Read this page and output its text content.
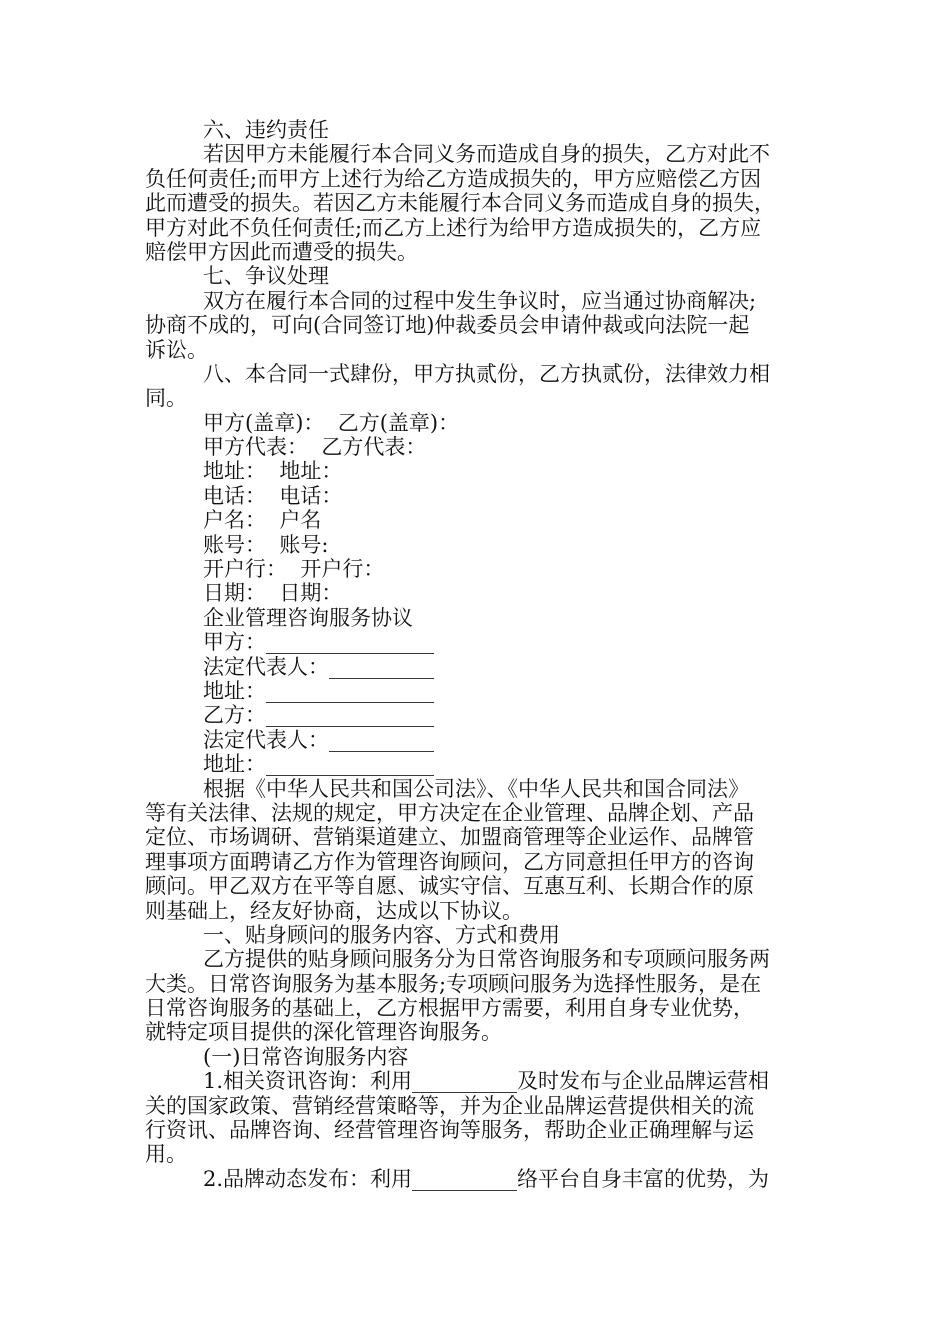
六、违约责任
若因甲方未能履行本合同义务而造成自身的损失，乙方对此不
负任何责任;而甲方上述行为给乙方造成损失的，甲方应赔偿乙方因
此而遭受的损失。若因乙方未能履行本合同义务而造成自身的损失，
甲方对此不负任何责任;而乙方上述行为给甲方造成损失的，乙方应
赔偿甲方因此而遭受的损失。
七、争议处理
双方在履行本合同的过程中发生争议时，应当通过协商解决;
协商不成的，可向(合同签订地)仲裁委员会申请仲裁或向法院一起
诉讼。
八、本合同一式肆份，甲方执贰份，乙方执贰份，法律效力相
同。
甲方(盖章)：  乙方(盖章)：
甲方代表：  乙方代表：
地址：  地址：
电话：  电话：
户名：  户名
账号：  账号:
开户行：  开户行：
日期：  日期：
企业管理咨询服务协议
甲方：________________
法定代表人：__________
地址：________________
乙方：________________
法定代表人：__________
地址：________________
根据《中华人民共和国公司法》、《中华人民共和国合同法》
等有关法律、法规的规定，甲方决定在企业管理、品牌企划、产品
定位、市场调研、营销渠道建立、加盟商管理等企业运作、品牌管
理事项方面聘请乙方作为管理咨询顾问，乙方同意担任甲方的咨询
顾问。甲乙双方在平等自愿、诚实守信、互惠互利、长期合作的原
则基础上，经友好协商，达成以下协议。
一、贴身顾问的服务内容、方式和费用
乙方提供的贴身顾问服务分为日常咨询服务和专项顾问服务两
大类。日常咨询服务为基本服务;专项顾问服务为选择性服务，是在
日常咨询服务的基础上，乙方根据甲方需要，利用自身专业优势，
就特定项目提供的深化管理咨询服务。
(一)日常咨询服务内容
1.相关资讯咨询：利用__________及时发布与企业品牌运营相
关的国家政策、营销经营策略等，并为企业品牌运营提供相关的流
行资讯、品牌咨询、经营管理咨询等服务，帮助企业正确理解与运
用。
2.品牌动态发布：利用__________络平台自身丰富的优势，为
